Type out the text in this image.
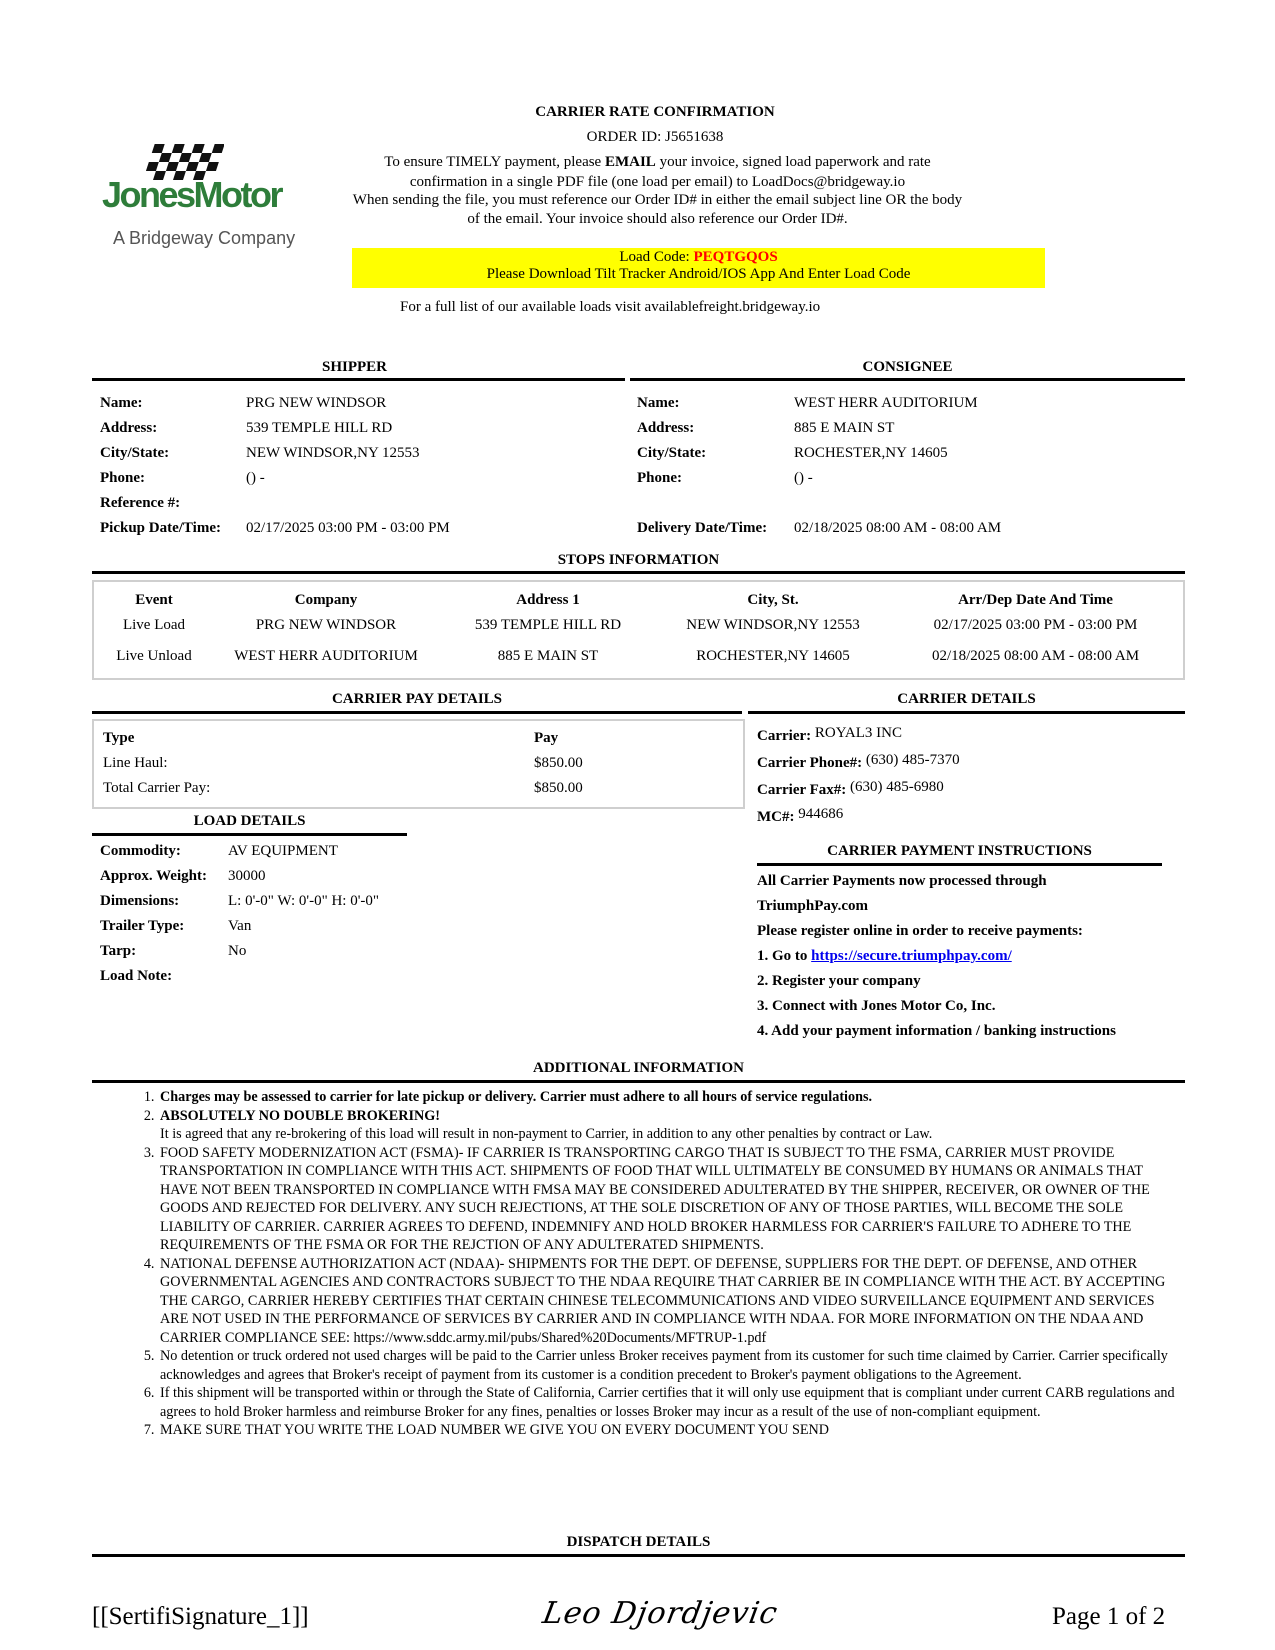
JonesMotor
A Bridgeway Company
CARRIER RATE CONFIRMATION
ORDER ID: J5651638
To ensure TIMELY payment, please EMAIL your invoice, signed load paperwork and rate
confirmation in a single PDF file (one load per email) to LoadDocs@bridgeway.io
When sending the file, you must reference our Order ID# in either the email subject line OR the body
of the email. Your invoice should also reference our Order ID#.
Load Code: PEQTGQOS
Please Download Tilt Tracker Android/IOS App And Enter Load Code
For a full list of our available loads visit availablefreight.bridgeway.io
SHIPPER	CONSIGNEE
Name:	PRG NEW WINDSOR
Address:	539 TEMPLE HILL RD
City/State:	NEW WINDSOR,NY 12553
Phone:	() -
Reference #:
Pickup Date/Time: 02/17/2025 03:00 PM - 03:00 PM
Name:	WEST HERR AUDITORIUM
Address:	885 E MAIN ST
City/State:	ROCHESTER,NY 14605
Phone:	() -
Delivery Date/Time: 02/18/2025 08:00 AM - 08:00 AM
STOPS INFORMATION
Event	Company	Address 1	City, St.	Arr/Dep Date And Time
Live Load	PRG NEW WINDSOR	539 TEMPLE HILL RD	NEW WINDSOR,NY 12553	02/17/2025 03:00 PM - 03:00 PM
Live Unload	WEST HERR AUDITORIUM	885 E MAIN ST	ROCHESTER,NY 14605	02/18/2025 08:00 AM - 08:00 AM
CARRIER PAY DETAILS
Type	Pay
Line Haul:	$850.00
Total Carrier Pay:	$850.00
CARRIER DETAILS
Carrier: ROYAL3 INC
Carrier Phone#: (630) 485-7370
Carrier Fax#: (630) 485-6980
MC#: 944686
LOAD DETAILS
Commodity:	AV EQUIPMENT
Approx. Weight: 30000
Dimensions:	L: 0'-0" W: 0'-0" H: 0'-0"
Trailer Type:	Van
Tarp:	No
Load Note:
CARRIER PAYMENT INSTRUCTIONS
All Carrier Payments now processed through
TriumphPay.com
Please register online in order to receive payments:
1. Go to https://secure.triumphpay.com/
2. Register your company
3. Connect with Jones Motor Co, Inc.
4. Add your payment information / banking instructions
ADDITIONAL INFORMATION
1. Charges may be assessed to carrier for late pickup or delivery. Carrier must adhere to all hours of service regulations.
2. ABSOLUTELY NO DOUBLE BROKERING!
It is agreed that any re-brokering of this load will result in non-payment to Carrier, in addition to any other penalties by contract or Law.
3. FOOD SAFETY MODERNIZATION ACT (FSMA)- IF CARRIER IS TRANSPORTING CARGO THAT IS SUBJECT TO THE FSMA, CARRIER MUST PROVIDE TRANSPORTATION IN COMPLIANCE WITH THIS ACT. SHIPMENTS OF FOOD THAT WILL ULTIMATELY BE CONSUMED BY HUMANS OR ANIMALS THAT HAVE NOT BEEN TRANSPORTED IN COMPLIANCE WITH FMSA MAY BE CONSIDERED ADULTERATED BY THE SHIPPER, RECEIVER, OR OWNER OF THE GOODS AND REJECTED FOR DELIVERY. ANY SUCH REJECTIONS, AT THE SOLE DISCRETION OF ANY OF THOSE PARTIES, WILL BECOME THE SOLE LIABILITY OF CARRIER. CARRIER AGREES TO DEFEND, INDEMNIFY AND HOLD BROKER HARMLESS FOR CARRIER'S FAILURE TO ADHERE TO THE REQUIREMENTS OF THE FSMA OR FOR THE REJCTION OF ANY ADULTERATED SHIPMENTS.
4. NATIONAL DEFENSE AUTHORIZATION ACT (NDAA)- SHIPMENTS FOR THE DEPT. OF DEFENSE, SUPPLIERS FOR THE DEPT. OF DEFENSE, AND OTHER GOVERNMENTAL AGENCIES AND CONTRACTORS SUBJECT TO THE NDAA REQUIRE THAT CARRIER BE IN COMPLIANCE WITH THE ACT. BY ACCEPTING THE CARGO, CARRIER HEREBY CERTIFIES THAT CERTAIN CHINESE TELECOMMUNICATIONS AND VIDEO SURVEILLANCE EQUIPMENT AND SERVICES ARE NOT USED IN THE PERFORMANCE OF SERVICES BY CARRIER AND IN COMPLIANCE WITH NDAA. FOR MORE INFORMATION ON THE NDAA AND CARRIER COMPLIANCE SEE: https://www.sddc.army.mil/pubs/Shared%20Documents/MFTRUP-1.pdf
5. No detention or truck ordered not used charges will be paid to the Carrier unless Broker receives payment from its customer for such time claimed by Carrier. Carrier specifically acknowledges and agrees that Broker's receipt of payment from its customer is a condition precedent to Broker's payment obligations to the Agreement.
6. If this shipment will be transported within or through the State of California, Carrier certifies that it will only use equipment that is compliant under current CARB regulations and agrees to hold Broker harmless and reimburse Broker for any fines, penalties or losses Broker may incur as a result of the use of non-compliant equipment.
7. MAKE SURE THAT YOU WRITE THE LOAD NUMBER WE GIVE YOU ON EVERY DOCUMENT YOU SEND
DISPATCH DETAILS
[[SertifiSignature_1]]	Leo Djordjevic	Page 1 of 2
